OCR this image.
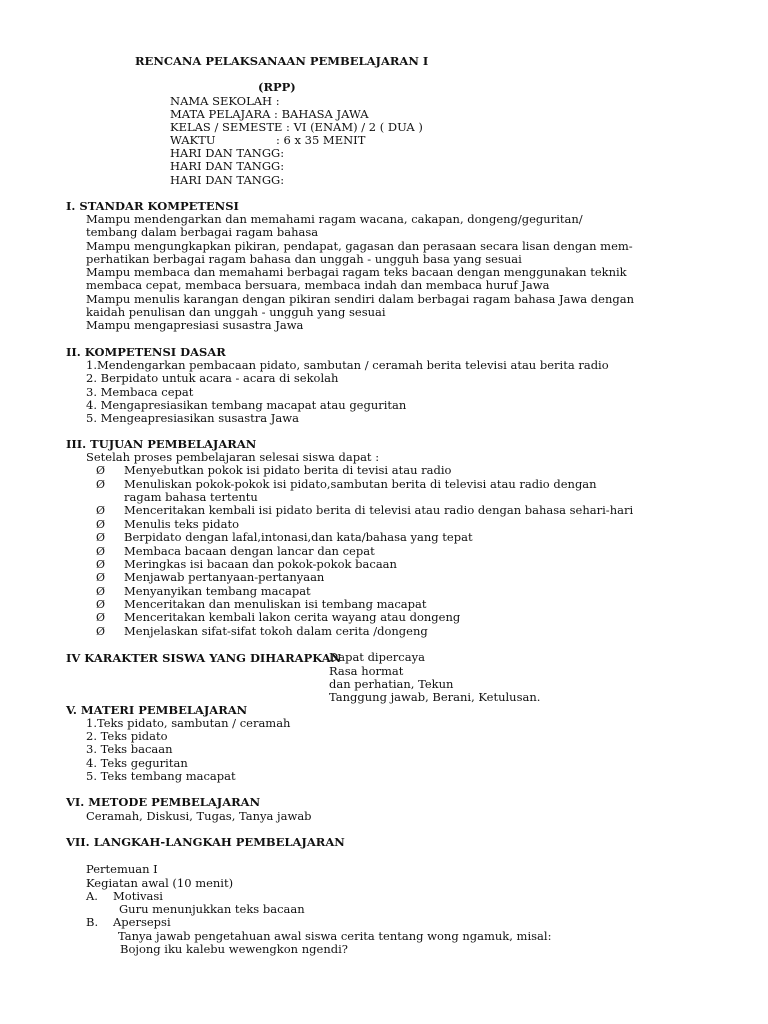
RENCANA PELAKSANAAN PEMBELAJARAN I
(RPP)
NAMA SEKOLAH :
MATA PELAJARA : BAHASA JAWA
KELAS / SEMESTE : VI (ENAM) / 2 ( DUA )
WAKTU	: 6 x 35 MENIT
HARI DAN TANGG:
HARI DAN TANGG:
HARI DAN TANGG:
I. STANDAR KOMPETENSI
Mampu mendengarkan dan memahami ragam wacana, cakapan, dongeng/geguritan/
tembang dalam berbagai ragam bahasa
Mampu mengungkapkan pikiran, pendapat, gagasan dan perasaan secara lisan dengan mem-
perhatikan berbagai ragam bahasa dan unggah - ungguh basa yang sesuai
Mampu membaca dan memahami berbagai ragam teks bacaan dengan menggunakan teknik
membaca cepat, membaca bersuara, membaca indah dan membaca huruf Jawa
Mampu menulis karangan dengan pikiran sendiri dalam berbagai ragam bahasa Jawa dengan
kaidah penulisan dan unggah - ungguh yang sesuai
Mampu mengapresiasi susastra Jawa
II. KOMPETENSI DASAR
1.Mendengarkan pembacaan pidato, sambutan / ceramah berita televisi atau berita radio
2. Berpidato untuk acara - acara di sekolah
3. Membaca cepat
4. Mengapresiasikan tembang macapat atau geguritan
5. Mengeapresiasikan susastra Jawa
III. TUJUAN PEMBELAJARAN
Setelah proses pembelajaran selesai siswa dapat :
Ø Menyebutkan pokok isi pidato berita di tevisi atau radio
Ø Menuliskan pokok-pokok isi pidato,sambutan berita di televisi atau radio dengan
ragam bahasa tertentu
Ø Menceritakan kembali isi pidato berita di televisi atau radio dengan bahasa sehari-hari
Ø Menulis teks pidato
Ø Berpidato dengan lafal,intonasi,dan kata/bahasa yang tepat
Ø Membaca bacaan dengan lancar dan cepat
Ø Meringkas isi bacaan dan pokok-pokok bacaan
Ø Menjawab pertanyaan-pertanyaan
Ø Menyanyikan tembang macapat
Ø Menceritakan dan menuliskan isi tembang macapat
Ø Menceritakan kembali lakon cerita wayang atau dongeng
Ø Menjelaskan sifat-sifat tokoh dalam cerita /dongeng
IV KARAKTER SISWA YANG DIHARAPKAN
Dapat dipercaya
Rasa hormat
dan perhatian, Tekun
Tanggung jawab, Berani, Ketulusan.
V. MATERI PEMBELAJARAN
1.Teks pidato, sambutan / ceramah
2. Teks pidato
3. Teks bacaan
4. Teks geguritan
5. Teks tembang macapat
VI. METODE PEMBELAJARAN
Ceramah, Diskusi, Tugas, Tanya jawab
VII. LANGKAH-LANGKAH PEMBELAJARAN
Pertemuan I
Kegiatan awal (10 menit)
A. Motivasi
Guru menunjukkan teks bacaan
B. Apersepsi
Tanya jawab pengetahuan awal siswa cerita tentang wong ngamuk, misal:
Bojong iku kalebu wewengkon ngendi?
